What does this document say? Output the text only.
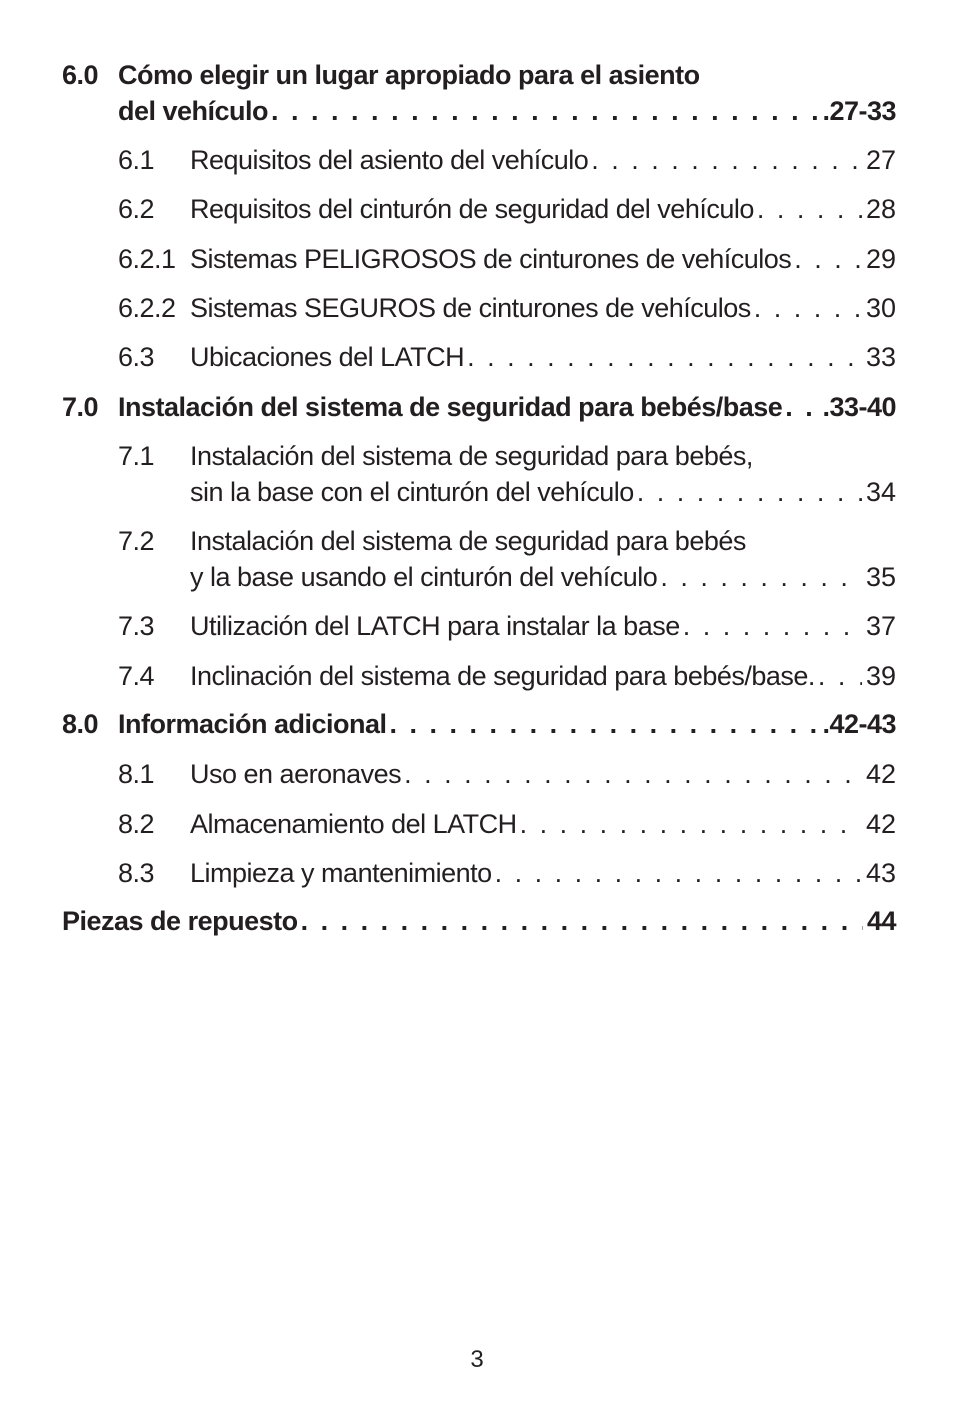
6.0 Cómo elegir un lugar apropiado para el asiento
del vehículo . . .	.27-33
6.1 Requisitos del asiento del vehículo . . .	27
6.2 Requisitos del cinturón de seguridad del vehículo . . .	28
6.2.1 Sistemas PELIGROSOS de cinturones de vehículos . . .	29
6.2.2 Sistemas SEGUROS de cinturones de vehículos . . .	30
6.3 Ubicaciones del LATCH . . .	33
7.0 Instalación del sistema de seguridad para bebés/base . . . .33-40
7.1 Instalación del sistema de seguridad para bebés,
sin la base con el cinturón del vehículo . . .	34
7.2 Instalación del sistema de seguridad para bebés
y la base usando el cinturón del vehículo . . .	35
7.3 Utilización del LATCH para instalar la base . . .	37
7.4 Inclinación del sistema de seguridad para bebés/base. . . . 39
8.0 Información adicional . . .	.42-43
8.1 Uso en aeronaves . . .	42
8.2 Almacenamiento del LATCH . . .	42
8.3 Limpieza y mantenimiento . . .	43
Piezas de repuesto . . .	44
3
